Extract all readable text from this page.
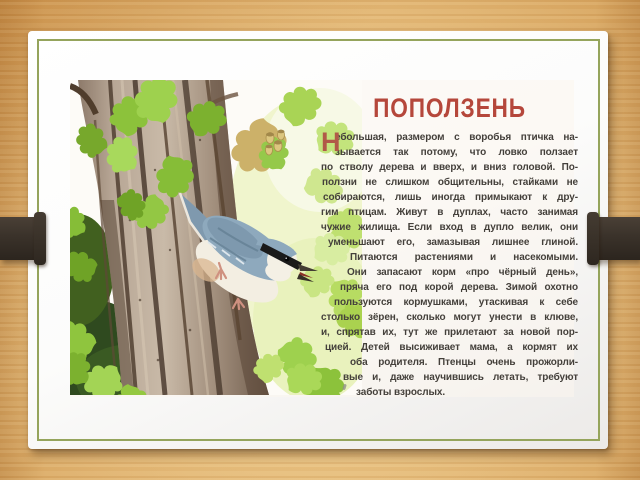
ПОПОЛЗЕНЬ
Н
ебольшая, размером с воробья птичка на-
зывается так потому, что ловко ползает
по стволу дерева и вверх, и вниз головой. По-
ползни не слишком общительны, стайками не
собираются, лишь иногда примыкают к дру-
гим птицам. Живут в дуплах, часто занимая
чужие жилища. Если вход в дупло велик, они
уменьшают его, замазывая лишнее глиной.
Питаются растениями и насекомыми.
Они запасают корм «про чёрный день»,
пряча его под корой дерева. Зимой охотно
пользуются кормушками, утаскивая к себе
столько зёрен, сколько могут унести в клюве,
и, спрятав их, тут же прилетают за новой пор-
цией. Детей высиживает мама, а кормят их
оба родителя. Птенцы очень прожорли-
вые и, даже научившись летать, требуют
заботы взрослых.
